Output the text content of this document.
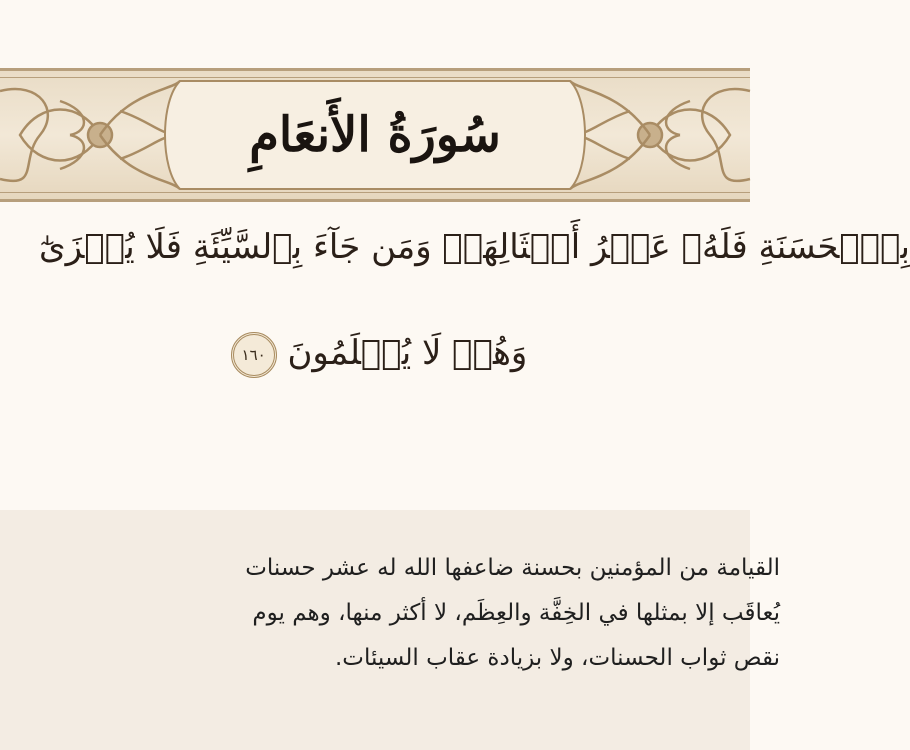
سُورَةُ الأَنعَامِ
بِٱلۡحَسَنَةِ فَلَهُۥ عَشۡرُ أَمۡثَالِهَاۖ وَمَن جَآءَ بِٱلسَّيِّئَةِ فَلَا يُجۡزَىٰٓ
وَهُمۡ لَا يُظۡلَمُونَ ١٦٠
القيامة من المؤمنين بحسنة ضاعفها الله له عشر حسنات
يُعاقَب إلا بمثلها في الخِفَّة والعِظَم، لا أكثر منها، وهم يوم
نقص ثواب الحسنات، ولا بزيادة عقاب السيئات.
